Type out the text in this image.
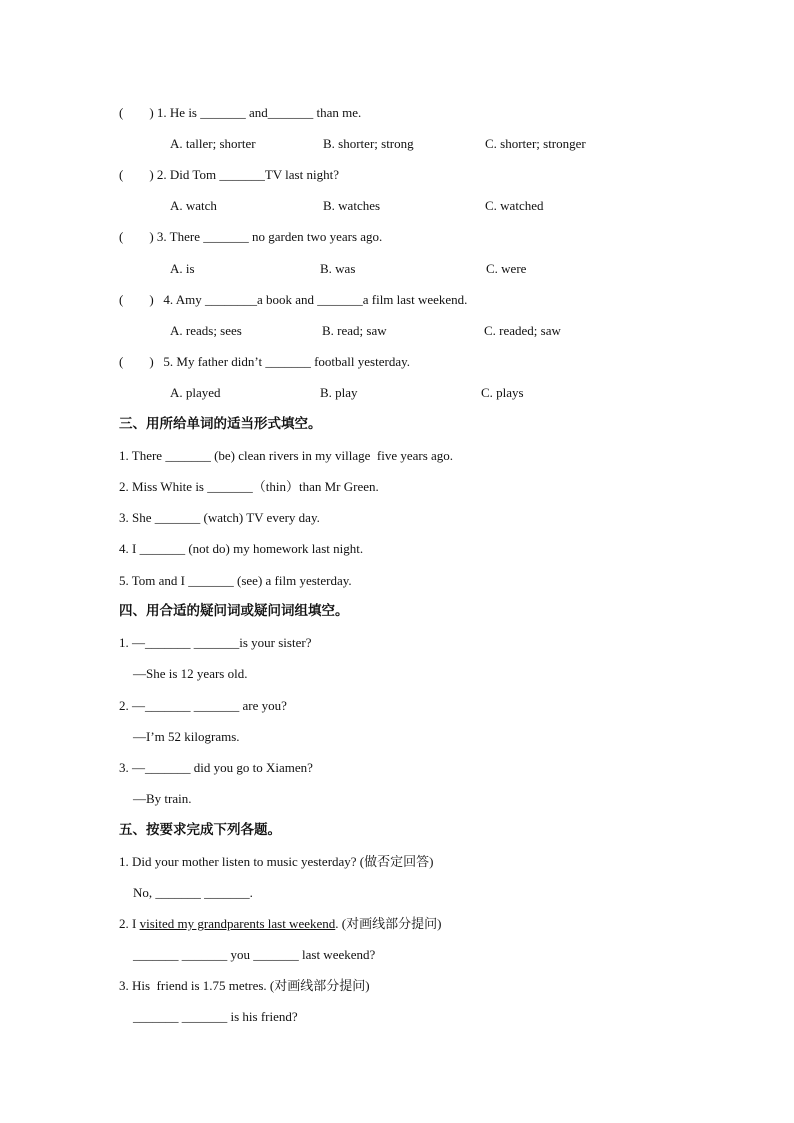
(        ) 1. He is _______ and_______ than me.
A. taller; shorter	B. shorter; strong	C. shorter; stronger
(        ) 2. Did Tom _______TV last night?
A. watch	B. watches	C. watched
(        ) 3. There _______ no garden two years ago.
A. is	B. was	C. were
(        )   4. Amy ________a book and _______a film last weekend.
A. reads; sees	B. read; saw	C. readed; saw
(        )   5. My father didn’t _______ football yesterday.
A. played	B. play	C. plays
三、用所给单词的适当形式填空。
1. There _______ (be) clean rivers in my village  five years ago.
2. Miss White is _______（thin）than Mr Green.
3. She _______ (watch) TV every day.
4. I _______ (not do) my homework last night.
5. Tom and I _______ (see) a film yesterday.
四、用合适的疑问词或疑问词组填空。
1. —_______ _______is your sister?
—She is 12 years old.
2. —_______ _______ are you?
—I’m 52 kilograms.
3. —_______ did you go to Xiamen?
—By train.
五、按要求完成下列各题。
1. Did your mother listen to music yesterday? (做否定回答)
No, _______ _______.
2. I visited my grandparents last weekend. (对画线部分提问)
_______ _______ you _______ last weekend?
3. His  friend is 1.75 metres. (对画线部分提问)
_______ _______ is his friend?
